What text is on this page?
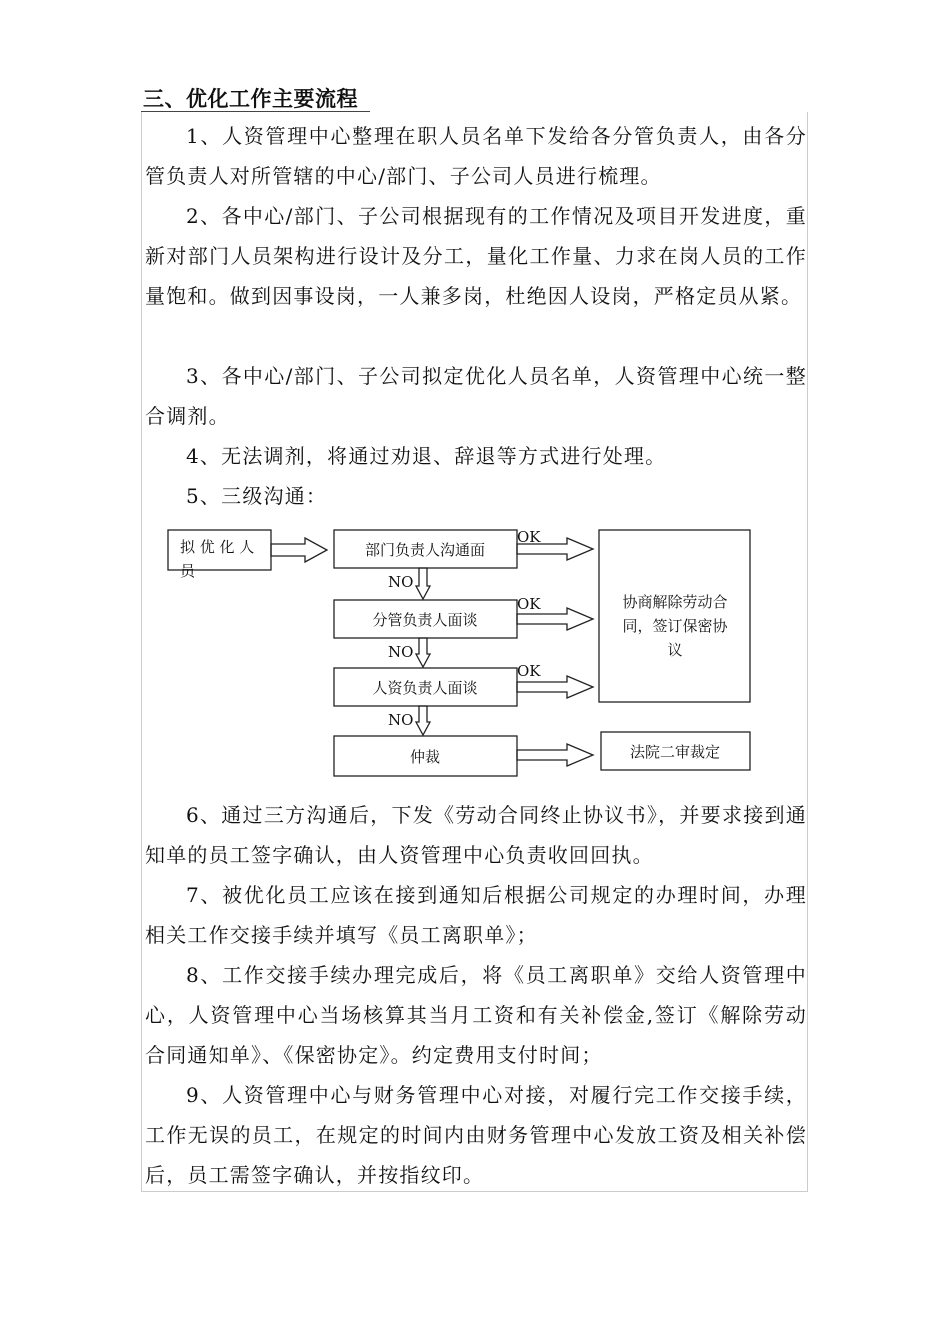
三、优化工作主要流程

1、人资管理中心整理在职人员名单下发给各分管负责人，由各分管负责人对所管辖的中心/部门、子公司人员进行梳理。

2、各中心/部门、子公司根据现有的工作情况及项目开发进度，重新对部门人员架构进行设计及分工，量化工作量、力求在岗人员的工作量饱和。做到因事设岗，一人兼多岗，杜绝因人设岗，严格定员从紧。

3、各中心/部门、子公司拟定优化人员名单，人资管理中心统一整合调剂。

4、无法调剂，将通过劝退、辞退等方式进行处理。

5、三级沟通：

拟 优 化 人
员
部门负责人沟通面
分管负责人面谈
人资负责人面谈
仲裁
OK
OK
OK
NO
NO
NO
协商解除劳动合
同，签订保密协
议
法院二审裁定

6、通过三方沟通后，下发《劳动合同终止协议书》，并要求接到通知单的员工签字确认，由人资管理中心负责收回回执。

7、被优化员工应该在接到通知后根据公司规定的办理时间，办理相关工作交接手续并填写《员工离职单》；

8、工作交接手续办理完成后，将《员工离职单》交给人资管理中心，人资管理中心当场核算其当月工资和有关补偿金,签订《解除劳动合同通知单》、《保密协定》。约定费用支付时间；

9、人资管理中心与财务管理中心对接，对履行完工作交接手续，工作无误的员工，在规定的时间内由财务管理中心发放工资及相关补偿后，员工需签字确认，并按指纹印。
